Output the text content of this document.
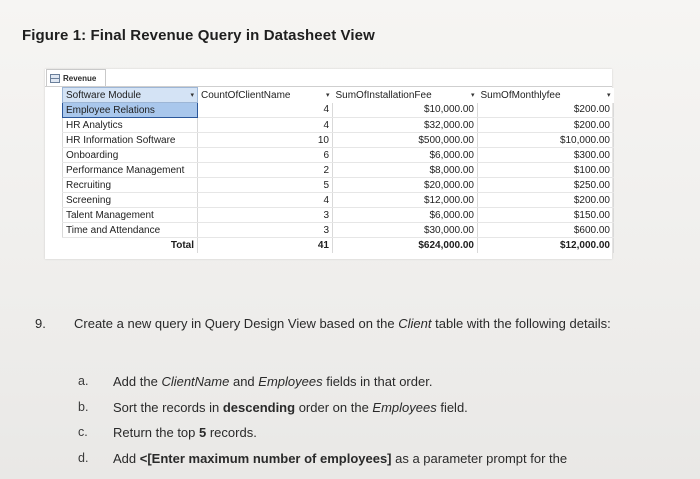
Figure 1: Final Revenue Query in Datasheet View
Revenue
Software Module ▾	CountOfClientName ▾	SumOfInstallationFee ▾	SumOfMonthlyfee ▾

Employee Relations	4	$10,000.00	$200.00
HR Analytics	4	$32,000.00	$200.00
HR Information Software	10	$500,000.00	$10,000.00
Onboarding	6	$6,000.00	$300.00
Performance Management	2	$8,000.00	$100.00
Recruiting	5	$20,000.00	$250.00
Screening	4	$12,000.00	$200.00
Talent Management	3	$6,000.00	$150.00
Time and Attendance	3	$30,000.00	$600.00
Total	41	$624,000.00	$12,000.00
9. Create a new query in Query Design View based on the Client table with the following details:
a. Add the ClientName and Employees fields in that order.
b. Sort the records in descending order on the Employees field.
c. Return the top 5 records.
d. Add <[Enter maximum number of employees] as a parameter prompt for the
